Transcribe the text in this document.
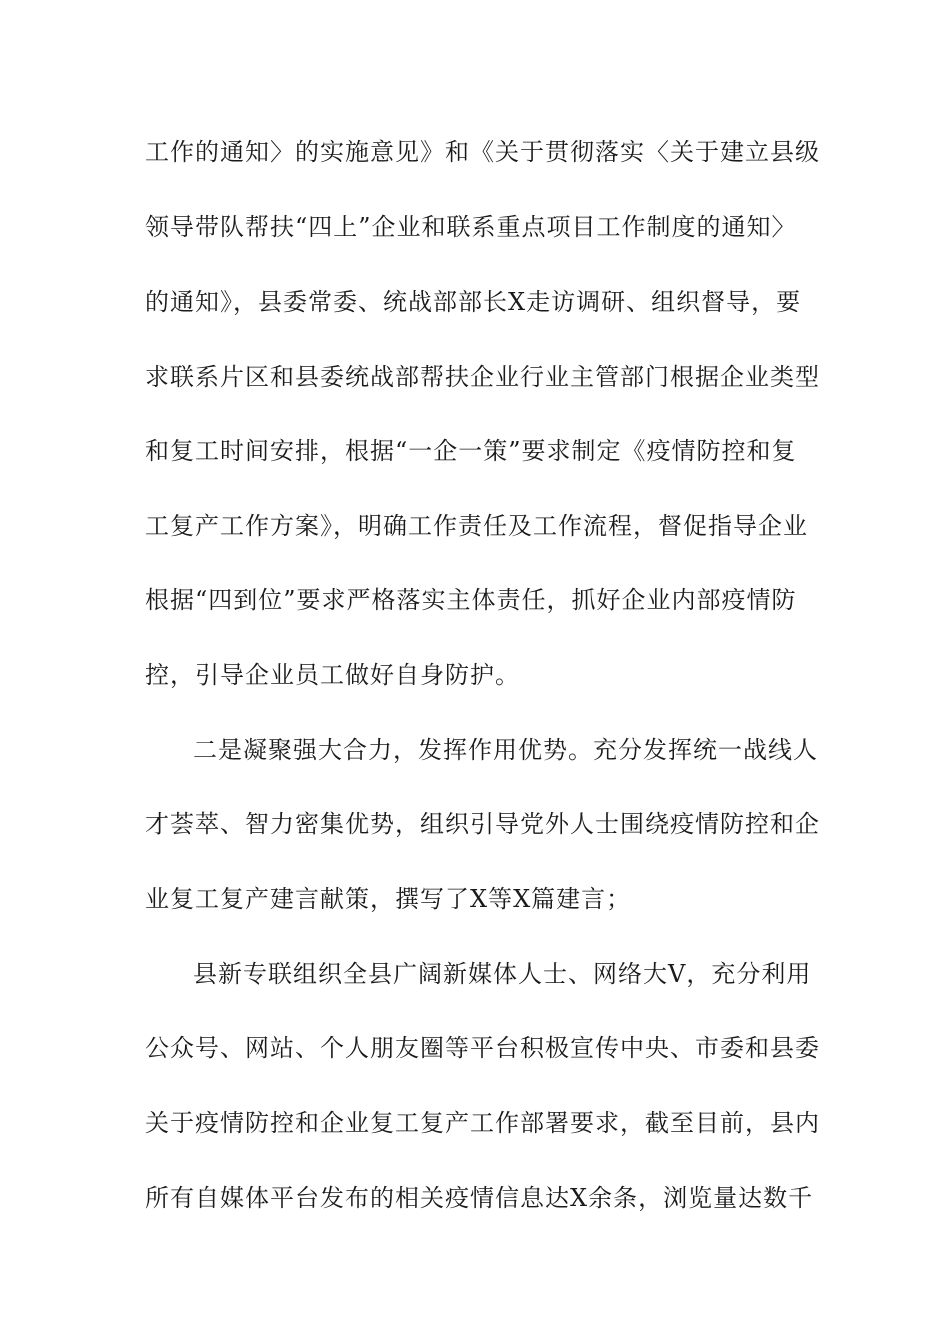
工作的通知〉的实施意见》和《关于贯彻落实〈关于建立县级
领导带队帮扶“四上”企业和联系重点项目工作制度的通知〉
的通知》，县委常委、统战部部长X走访调研、组织督导，要
求联系片区和县委统战部帮扶企业行业主管部门根据企业类型
和复工时间安排，根据“一企一策”要求制定《疫情防控和复
工复产工作方案》，明确工作责任及工作流程，督促指导企业
根据“四到位”要求严格落实主体责任，抓好企业内部疫情防
控，引导企业员工做好自身防护。
二是凝聚强大合力，发挥作用优势。充分发挥统一战线人
才荟萃、智力密集优势，组织引导党外人士围绕疫情防控和企
业复工复产建言献策，撰写了X等X篇建言；
县新专联组织全县广阔新媒体人士、网络大V，充分利用
公众号、网站、个人朋友圈等平台积极宣传中央、市委和县委
关于疫情防控和企业复工复产工作部署要求，截至目前，县内
所有自媒体平台发布的相关疫情信息达X余条，浏览量达数千
